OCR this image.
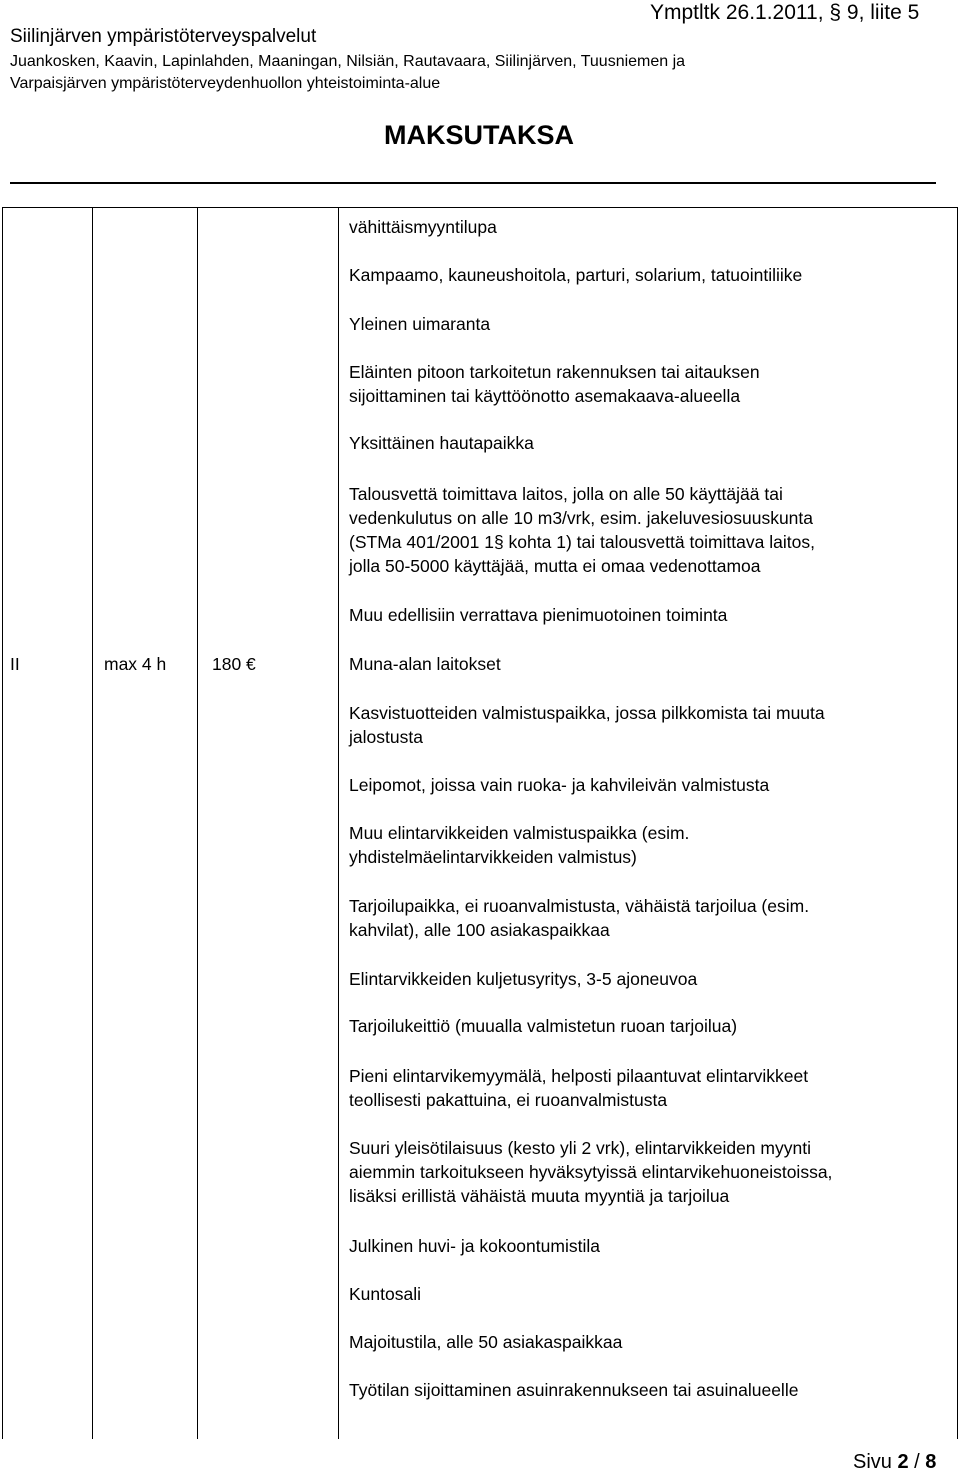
Siilinjärven ympäristöterveyspalvelut
Ymptltk 26.1.2011, § 9, liite 5
Juankosken, Kaavin, Lapinlahden, Maaningan, Nilsiän, Rautavaara, Siilinjärven, Tuusniemen ja
Varpaisjärven ympäristöterveydenhuollon yhteistoiminta-alue
MAKSUTAKSA
II	max 4 h	180 €
vähittäismyyntilupa
Kampaamo, kauneushoitola, parturi, solarium, tatuointiliike
Yleinen uimaranta
Eläinten pitoon tarkoitetun rakennuksen tai aitauksen
sijoittaminen tai käyttöönotto asemakaava-alueella
Yksittäinen hautapaikka
Talousvettä toimittava laitos, jolla on alle 50 käyttäjää tai
vedenkulutus on alle 10 m3/vrk, esim. jakeluvesiosuuskunta
(STMa 401/2001 1§ kohta 1) tai talousvettä toimittava laitos,
jolla 50-5000 käyttäjää, mutta ei omaa vedenottamoa
Muu edellisiin verrattava pienimuotoinen toiminta
Muna-alan laitokset
Kasvistuotteiden valmistuspaikka, jossa pilkkomista tai muuta
jalostusta
Leipomot, joissa vain ruoka- ja kahvileivän valmistusta
Muu elintarvikkeiden valmistuspaikka (esim.
yhdistelmäelintarvikkeiden valmistus)
Tarjoilupaikka, ei ruoanvalmistusta, vähäistä tarjoilua (esim.
kahvilat), alle 100 asiakaspaikkaa
Elintarvikkeiden kuljetusyritys, 3-5 ajoneuvoa
Tarjoilukeittiö (muualla valmistetun ruoan tarjoilua)
Pieni elintarvikemyymälä, helposti pilaantuvat elintarvikkeet
teollisesti pakattuina, ei ruoanvalmistusta
Suuri yleisötilaisuus (kesto yli 2 vrk), elintarvikkeiden myynti
aiemmin tarkoitukseen hyväksytyissä elintarvikehuoneistoissa,
lisäksi erillistä vähäistä muuta myyntiä ja tarjoilua
Julkinen huvi- ja kokoontumistila
Kuntosali
Majoitustila, alle 50 asiakaspaikkaa
Työtilan sijoittaminen asuinrakennukseen tai asuinalueelle
Sivu 2 / 8
